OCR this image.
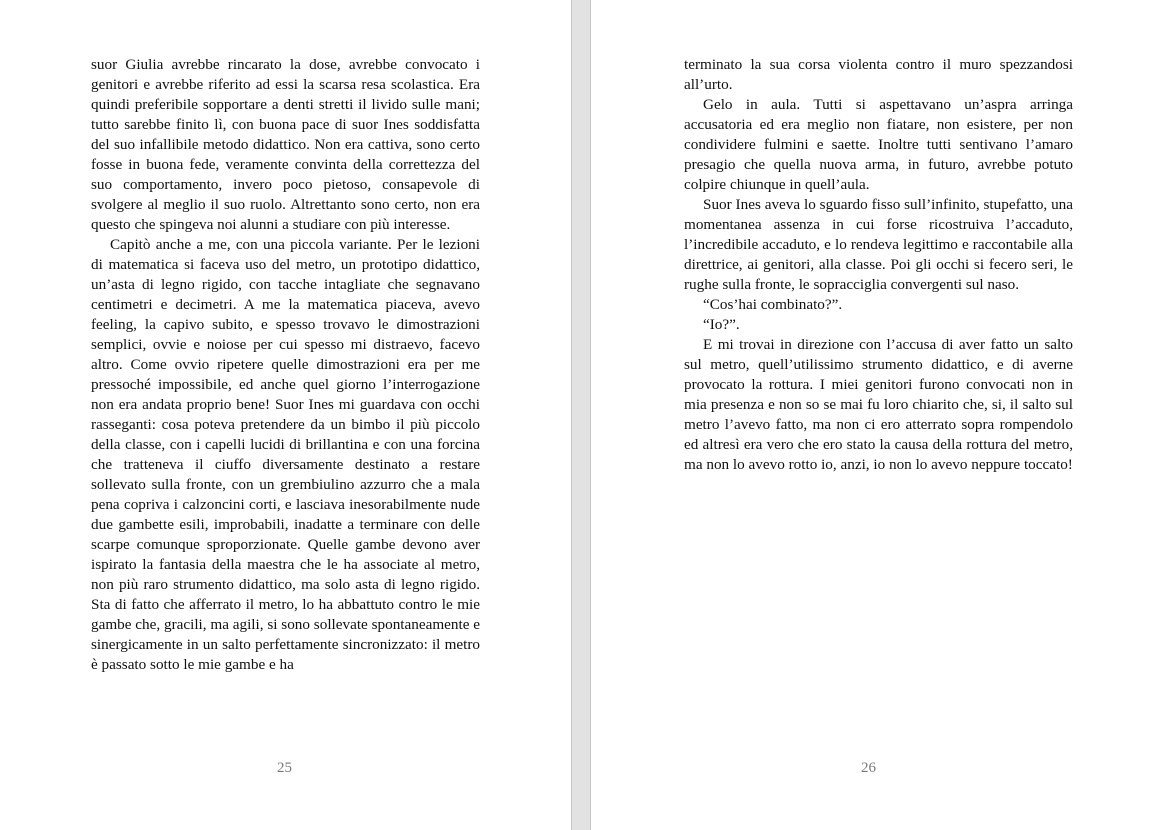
suor Giulia avrebbe rincarato la dose, avrebbe convocato i genitori e avrebbe riferito ad essi la scarsa resa scolastica. Era quindi preferibile sopportare a denti stretti il livido sulle mani; tutto sarebbe finito lì, con buona pace di suor Ines soddisfatta del suo infallibile metodo didattico. Non era cattiva, sono certo fosse in buona fede, veramente convinta della correttezza del suo comportamento, invero poco pietoso, consapevole di svolgere al meglio il suo ruolo. Altrettanto sono certo, non era questo che spingeva noi alunni a studiare con più interesse.

Capitò anche a me, con una piccola variante. Per le lezioni di matematica si faceva uso del metro, un prototipo didattico, un’asta di legno rigido, con tacche intagliate che segnavano centimetri e decimetri. A me la matematica piaceva, avevo feeling, la capivo subito, e spesso trovavo le dimostrazioni semplici, ovvie e noiose per cui spesso mi distraevo, facevo altro. Come ovvio ripetere quelle dimostrazioni era per me pressoché impossibile, ed anche quel giorno l’interrogazione non era andata proprio bene! Suor Ines mi guardava con occhi rasseganti: cosa poteva pretendere da un bimbo il più piccolo della classe, con i capelli lucidi di brillantina e con una forcina che tratteneva il ciuffo diversamente destinato a restare sollevato sulla fronte, con un grembiulino azzurro che a mala pena copriva i calzoncini corti, e lasciava inesorabilmente nude due gambette esili, improbabili, inadatte a terminare con delle scarpe comunque sproporzionate. Quelle gambe devono aver ispirato la fantasia della maestra che le ha associate al metro, non più raro strumento didattico, ma solo asta di legno rigido. Sta di fatto che afferrato il metro, lo ha abbattuto contro le mie gambe che, gracili, ma agili, si sono sollevate spontaneamente e sinergicamente in un salto perfettamente sincronizzato: il metro è passato sotto le mie gambe e ha

25

terminato la sua corsa violenta contro il muro spezzandosi all’urto.

Gelo in aula. Tutti si aspettavano un’aspra arringa accusatoria ed era meglio non fiatare, non esistere, per non condividere fulmini e saette. Inoltre tutti sentivano l’amaro presagio che quella nuova arma, in futuro, avrebbe potuto colpire chiunque in quell’aula.

Suor Ines aveva lo sguardo fisso sull’infinito, stupefatto, una momentanea assenza in cui forse ricostruiva l’accaduto, l’incredibile accaduto, e lo rendeva legittimo e raccontabile alla direttrice, ai genitori, alla classe. Poi gli occhi si fecero seri, le rughe sulla fronte, le sopracciglia convergenti sul naso.

“Cos’hai combinato?”.

“Io?”.

E mi trovai in direzione con l’accusa di aver fatto un salto sul metro, quell’utilissimo strumento didattico, e di averne provocato la rottura. I miei genitori furono convocati non in mia presenza e non so se mai fu loro chiarito che, si, il salto sul metro l’avevo fatto, ma non ci ero atterrato sopra rompendolo ed altresì era vero che ero stato la causa della rottura del metro, ma non lo avevo rotto io, anzi, io non lo avevo neppure toccato!

26
